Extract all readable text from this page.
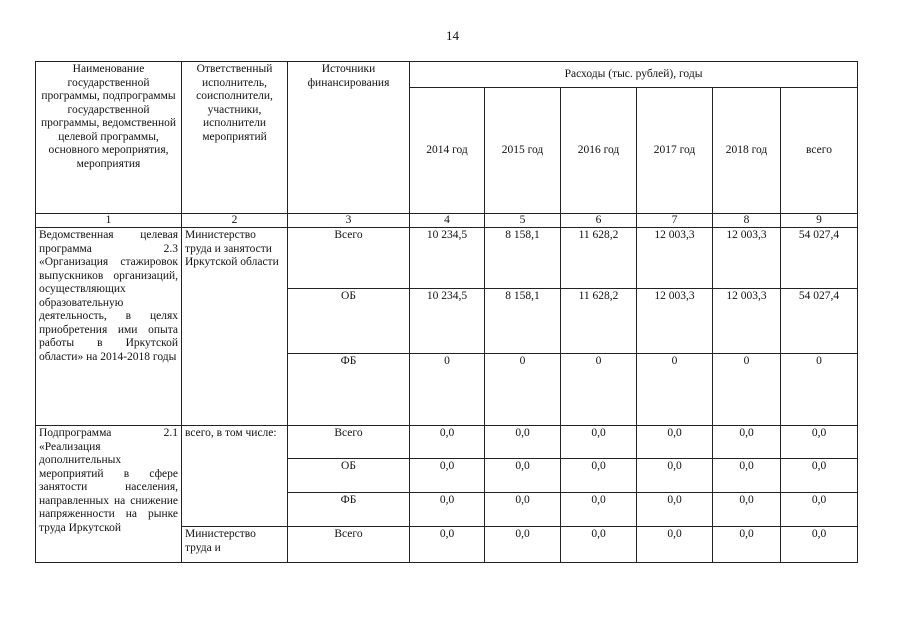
14
Наименование государственной программы, подпрограммы государственной программы, ведомственной целевой программы, основного мероприятия, мероприятия	Ответственный исполнитель, соисполнители, участники, исполнители мероприятий	Источники финансирования	Расходы (тыс. рублей), годы					
			2014 год	2015 год	2016 год	2017 год	2018 год	всего
1	2	3	4	5	6	7	8	9
Ведомственная целевая программа 2.3 «Организация стажировок выпускников организаций, осуществляющих образовательную деятельность, в целях приобретения ими опыта работы в Иркутской области» на 2014-2018 годы	Министерство труда и занятости Иркутской области	Всего	10 234,5	8 158,1	11 628,2	12 003,3	12 003,3	54 027,4
		ОБ	10 234,5	8 158,1	11 628,2	12 003,3	12 003,3	54 027,4
		ФБ	0	0	0	0	0	0
Подпрограмма 2.1 «Реализация дополнительных мероприятий в сфере занятости населения, направленных на снижение напряженности на рынке труда Иркутской	всего, в том числе:	Всего	0,0	0,0	0,0	0,0	0,0	0,0
		ОБ	0,0	0,0	0,0	0,0	0,0	0,0
		ФБ	0,0	0,0	0,0	0,0	0,0	0,0
	Министерство труда и	Всего	0,0	0,0	0,0	0,0	0,0	0,0
